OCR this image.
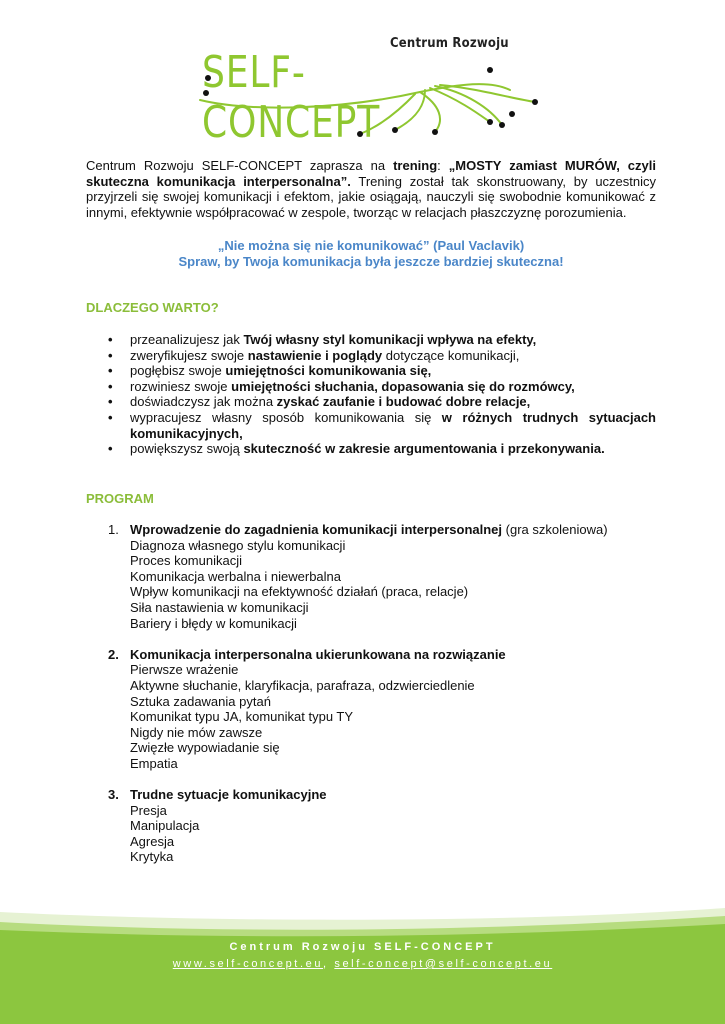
Centrum Rozwoju
SELF-CONCEPT
Centrum Rozwoju SELF-CONCEPT zaprasza na trening: „MOSTY zamiast MURÓW, czyli skuteczna komunikacja interpersonalna”. Trening został tak skonstruowany, by uczestnicy przyjrzeli się swojej komunikacji i efektom, jakie osiągają, nauczyli się swobodnie komunikować z innymi, efektywnie współpracować w zespole, tworząc w relacjach płaszczyznę porozumienia.
„Nie można się nie komunikować” (Paul Vaclavik)
Spraw, by Twoja komunikacja była jeszcze bardziej skuteczna!
DLACZEGO WARTO?
• przeanalizujesz jak Twój własny styl komunikacji wpływa na efekty,
• zweryfikujesz swoje nastawienie i poglądy dotyczące komunikacji,
• pogłębisz swoje umiejętności komunikowania się,
• rozwiniesz swoje umiejętności słuchania, dopasowania się do rozmówcy,
• doświadczysz jak można zyskać zaufanie i budować dobre relacje,
• wypracujesz własny sposób komunikowania się w różnych trudnych sytuacjach komunikacyjnych,
• powiększysz swoją skuteczność w zakresie argumentowania i przekonywania.
PROGRAM
1. Wprowadzenie do zagadnienia komunikacji interpersonalnej (gra szkoleniowa)
Diagnoza własnego stylu komunikacji
Proces komunikacji
Komunikacja werbalna i niewerbalna
Wpływ komunikacji na efektywność działań (praca, relacje)
Siła nastawienia w komunikacji
Bariery i błędy w komunikacji
2. Komunikacja interpersonalna ukierunkowana na rozwiązanie
Pierwsze wrażenie
Aktywne słuchanie, klaryfikacja, parafraza, odzwierciedlenie
Sztuka zadawania pytań
Komunikat typu JA, komunikat typu TY
Nigdy nie mów zawsze
Zwięzłe wypowiadanie się
Empatia
3. Trudne sytuacje komunikacyjne
Presja
Manipulacja
Agresja
Krytyka
Centrum Rozwoju SELF-CONCEPT
www.self-concept.eu, self-concept@self-concept.eu
